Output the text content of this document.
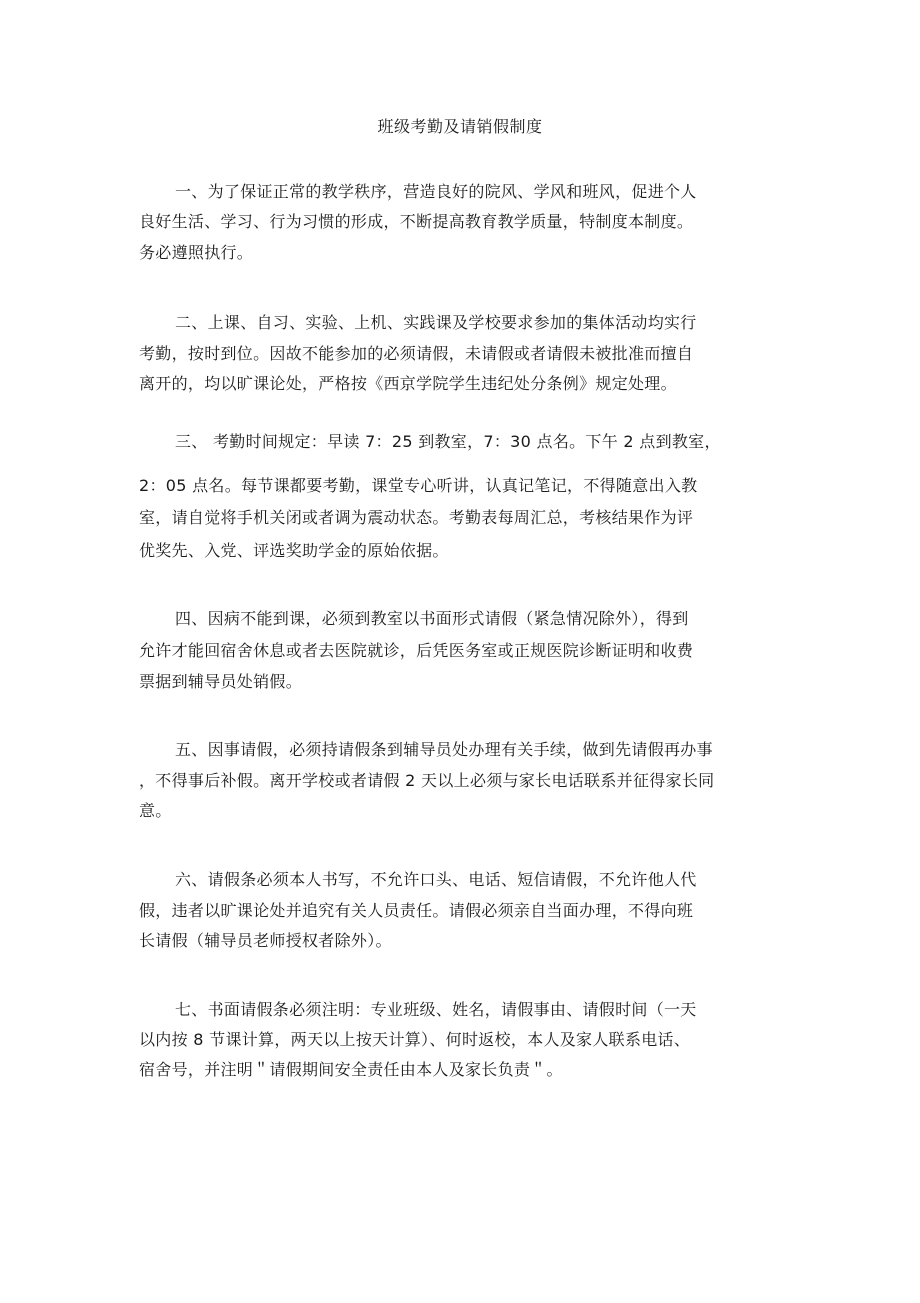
班级考勤及请销假制度
一、为了保证正常的教学秩序，营造良好的院风、学风和班风，促进个人
良好生活、学习、行为习惯的形成，不断提高教育教学质量，特制度本制度。
务必遵照执行。
二、上课、自习、实验、上机、实践课及学校要求参加的集体活动均实行
考勤，按时到位。因故不能参加的必须请假，未请假或者请假未被批准而擅自
离开的，均以旷课论处，严格按《西京学院学生违纪处分条例》规定处理。
三、 考勤时间规定：早读 7：25 到教室，7：30 点名。下午 2 点到教室，
2：05 点名。每节课都要考勤，课堂专心听讲，认真记笔记，不得随意出入教
室，请自觉将手机关闭或者调为震动状态。考勤表每周汇总，考核结果作为评
优奖先、入党、评选奖助学金的原始依据。
四、因病不能到课，必须到教室以书面形式请假（紧急情况除外），得到
允许才能回宿舍休息或者去医院就诊，后凭医务室或正规医院诊断证明和收费
票据到辅导员处销假。
五、因事请假，必须持请假条到辅导员处办理有关手续，做到先请假再办事
，不得事后补假。离开学校或者请假 2 天以上必须与家长电话联系并征得家长同
意。
六、请假条必须本人书写，不允许口头、电话、短信请假，不允许他人代
假，违者以旷课论处并追究有关人员责任。请假必须亲自当面办理，不得向班
长请假（辅导员老师授权者除外）。
七、书面请假条必须注明：专业班级、姓名，请假事由、请假时间（一天
以内按 8 节课计算，两天以上按天计算）、何时返校，本人及家人联系电话、
宿舍号，并注明＂请假期间安全责任由本人及家长负责＂。
